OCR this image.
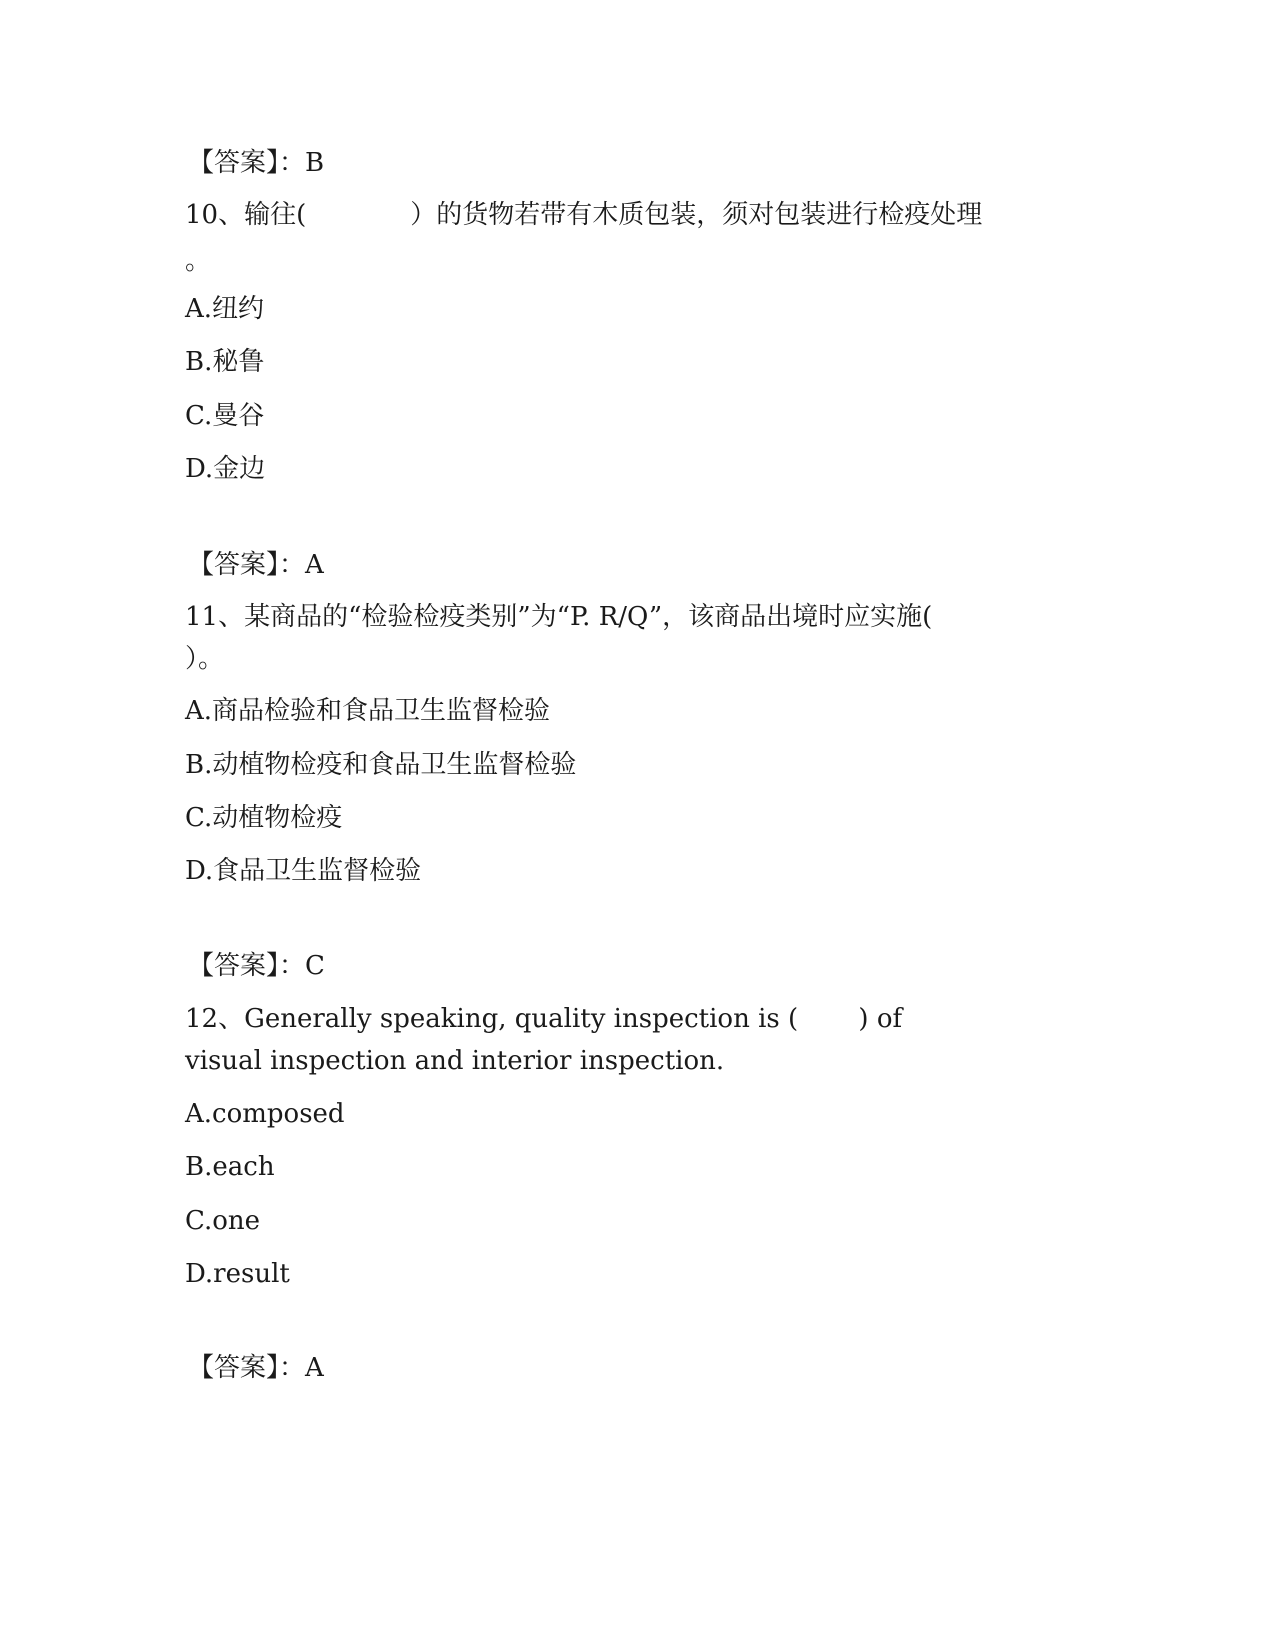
【答案】：B
10、输往(　　　　）的货物若带有木质包装，须对包装进行检疫处理
。
A.纽约
B.秘鲁
C.曼谷
D.金边
【答案】：A
11、某商品的“检验检疫类别”为“P. R/Q”，该商品出境时应实施(
）。
A.商品检验和食品卫生监督检验
B.动植物检疫和食品卫生监督检验
C.动植物检疫
D.食品卫生监督检验
【答案】：C
12、Generally speaking, quality inspection is (　　 ) of
visual inspection and interior inspection.
A.composed
B.each
C.one
D.result
【答案】：A
